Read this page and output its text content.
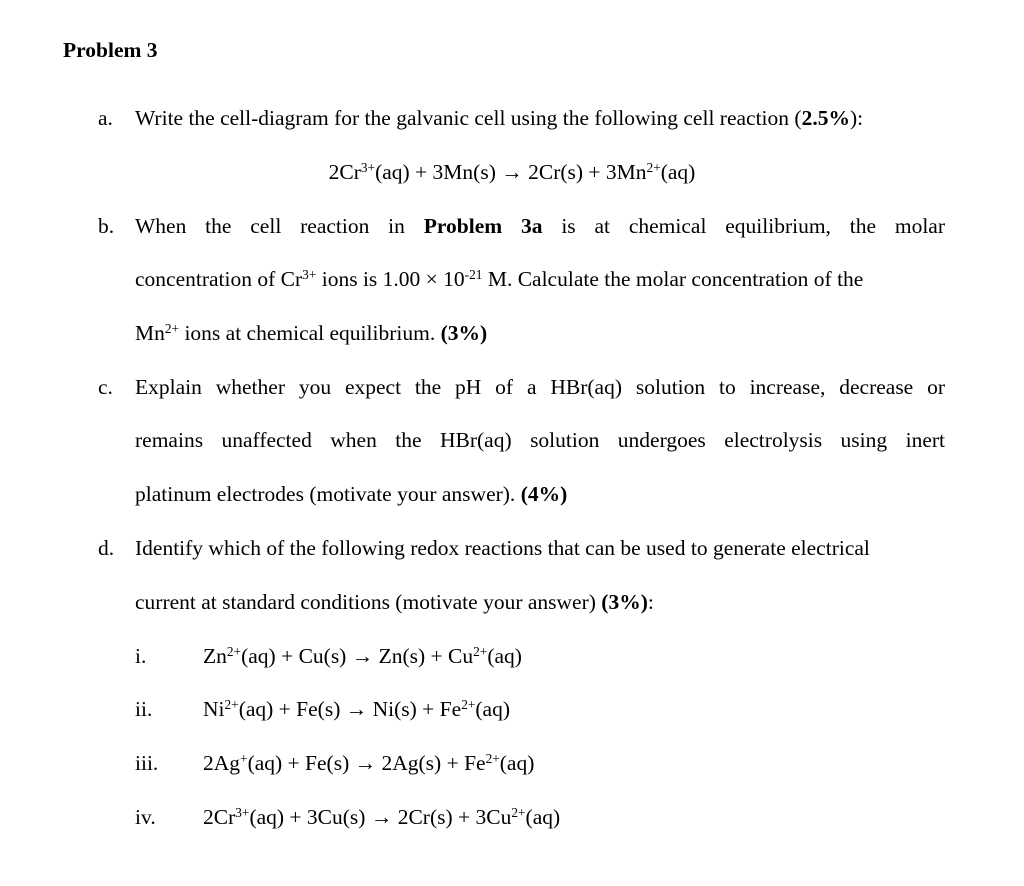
Problem 3
a. Write the cell-diagram for the galvanic cell using the following cell reaction (2.5%):
$2Cr^{3+}(aq) + 3Mn(s) \to 2Cr(s) + 3Mn^{2+}(aq)$
b. When the cell reaction in Problem 3a is at chemical equilibrium, the molar
concentration of $Cr^{3+}$ ions is $1.00 \times 10^{-21}$ M. Calculate the molar concentration of the
$Mn^{2+}$ ions at chemical equilibrium. (3%)
c. Explain whether you expect the pH of a HBr(aq) solution to increase, decrease or
remains unaffected when the HBr(aq) solution undergoes electrolysis using inert
platinum electrodes (motivate your answer). (4%)
d. Identify which of the following redox reactions that can be used to generate electrical
current at standard conditions (motivate your answer) (3%):
i.	$Zn^{2+}(aq) + Cu(s) \to Zn(s) + Cu^{2+}(aq)$
ii. $Ni^{2+}(aq) + Fe(s) \to Ni(s) + Fe^{2+}(aq)$
iii. $2Ag^+(aq) + Fe(s) \to 2Ag(s) + Fe^{2+}(aq)$
iv. $2Cr^{3+}(aq) + 3Cu(s) \to 2Cr(s) + 3Cu^{2+}(aq)$
